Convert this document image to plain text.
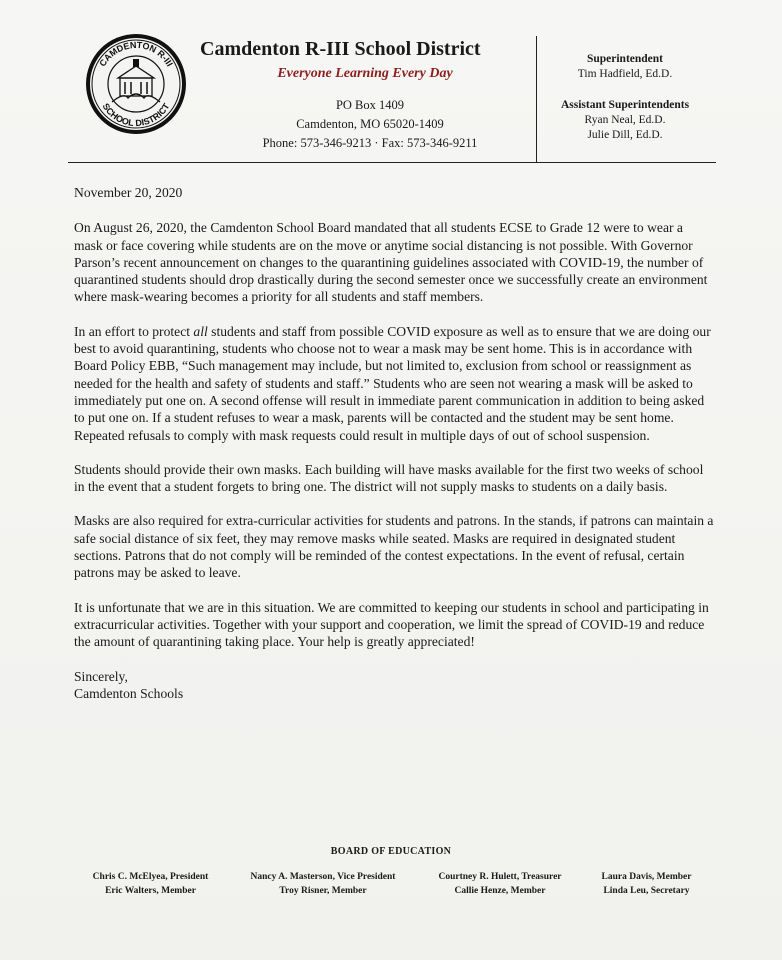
CAMDENTON R-III
SCHOOL DISTRICT
Camdenton R-III School District
Everyone Learning Every Day
PO Box 1409
Camdenton, MO 65020-1409
Phone: 573-346-9213 · Fax: 573-346-9211
Superintendent
Tim Hadfield, Ed.D.
Assistant Superintendents
Ryan Neal, Ed.D.
Julie Dill, Ed.D.

November 20, 2020

On August 26, 2020, the Camdenton School Board mandated that all students ECSE to Grade 12 were to wear a mask or face covering while students are on the move or anytime social distancing is not possible. With Governor Parson’s recent announcement on changes to the quarantining guidelines associated with COVID-19, the number of quarantined students should drop drastically during the second semester once we successfully create an environment where mask-wearing becomes a priority for all students and staff members.

In an effort to protect all students and staff from possible COVID exposure as well as to ensure that we are doing our best to avoid quarantining, students who choose not to wear a mask may be sent home. This is in accordance with Board Policy EBB, “Such management may include, but not limited to, exclusion from school or reassignment as needed for the health and safety of students and staff.” Students who are seen not wearing a mask will be asked to immediately put one on. A second offense will result in immediate parent communication in addition to being asked to put one on. If a student refuses to wear a mask, parents will be contacted and the student may be sent home. Repeated refusals to comply with mask requests could result in multiple days of out of school suspension.

Students should provide their own masks. Each building will have masks available for the first two weeks of school in the event that a student forgets to bring one. The district will not supply masks to students on a daily basis.

Masks are also required for extra-curricular activities for students and patrons. In the stands, if patrons can maintain a safe social distance of six feet, they may remove masks while seated. Masks are required in designated student sections. Patrons that do not comply will be reminded of the contest expectations. In the event of refusal, certain patrons may be asked to leave.

It is unfortunate that we are in this situation. We are committed to keeping our students in school and participating in extracurricular activities. Together with your support and cooperation, we limit the spread of COVID-19 and reduce the amount of quarantining taking place. Your help is greatly appreciated!

Sincerely,

Camdenton Schools

BOARD OF EDUCATION
Chris C. McElyea, President
Eric Walters, Member
Nancy A. Masterson, Vice President
Troy Risner, Member
Courtney R. Hulett, Treasurer
Callie Henze, Member
Laura Davis, Member
Linda Leu, Secretary
